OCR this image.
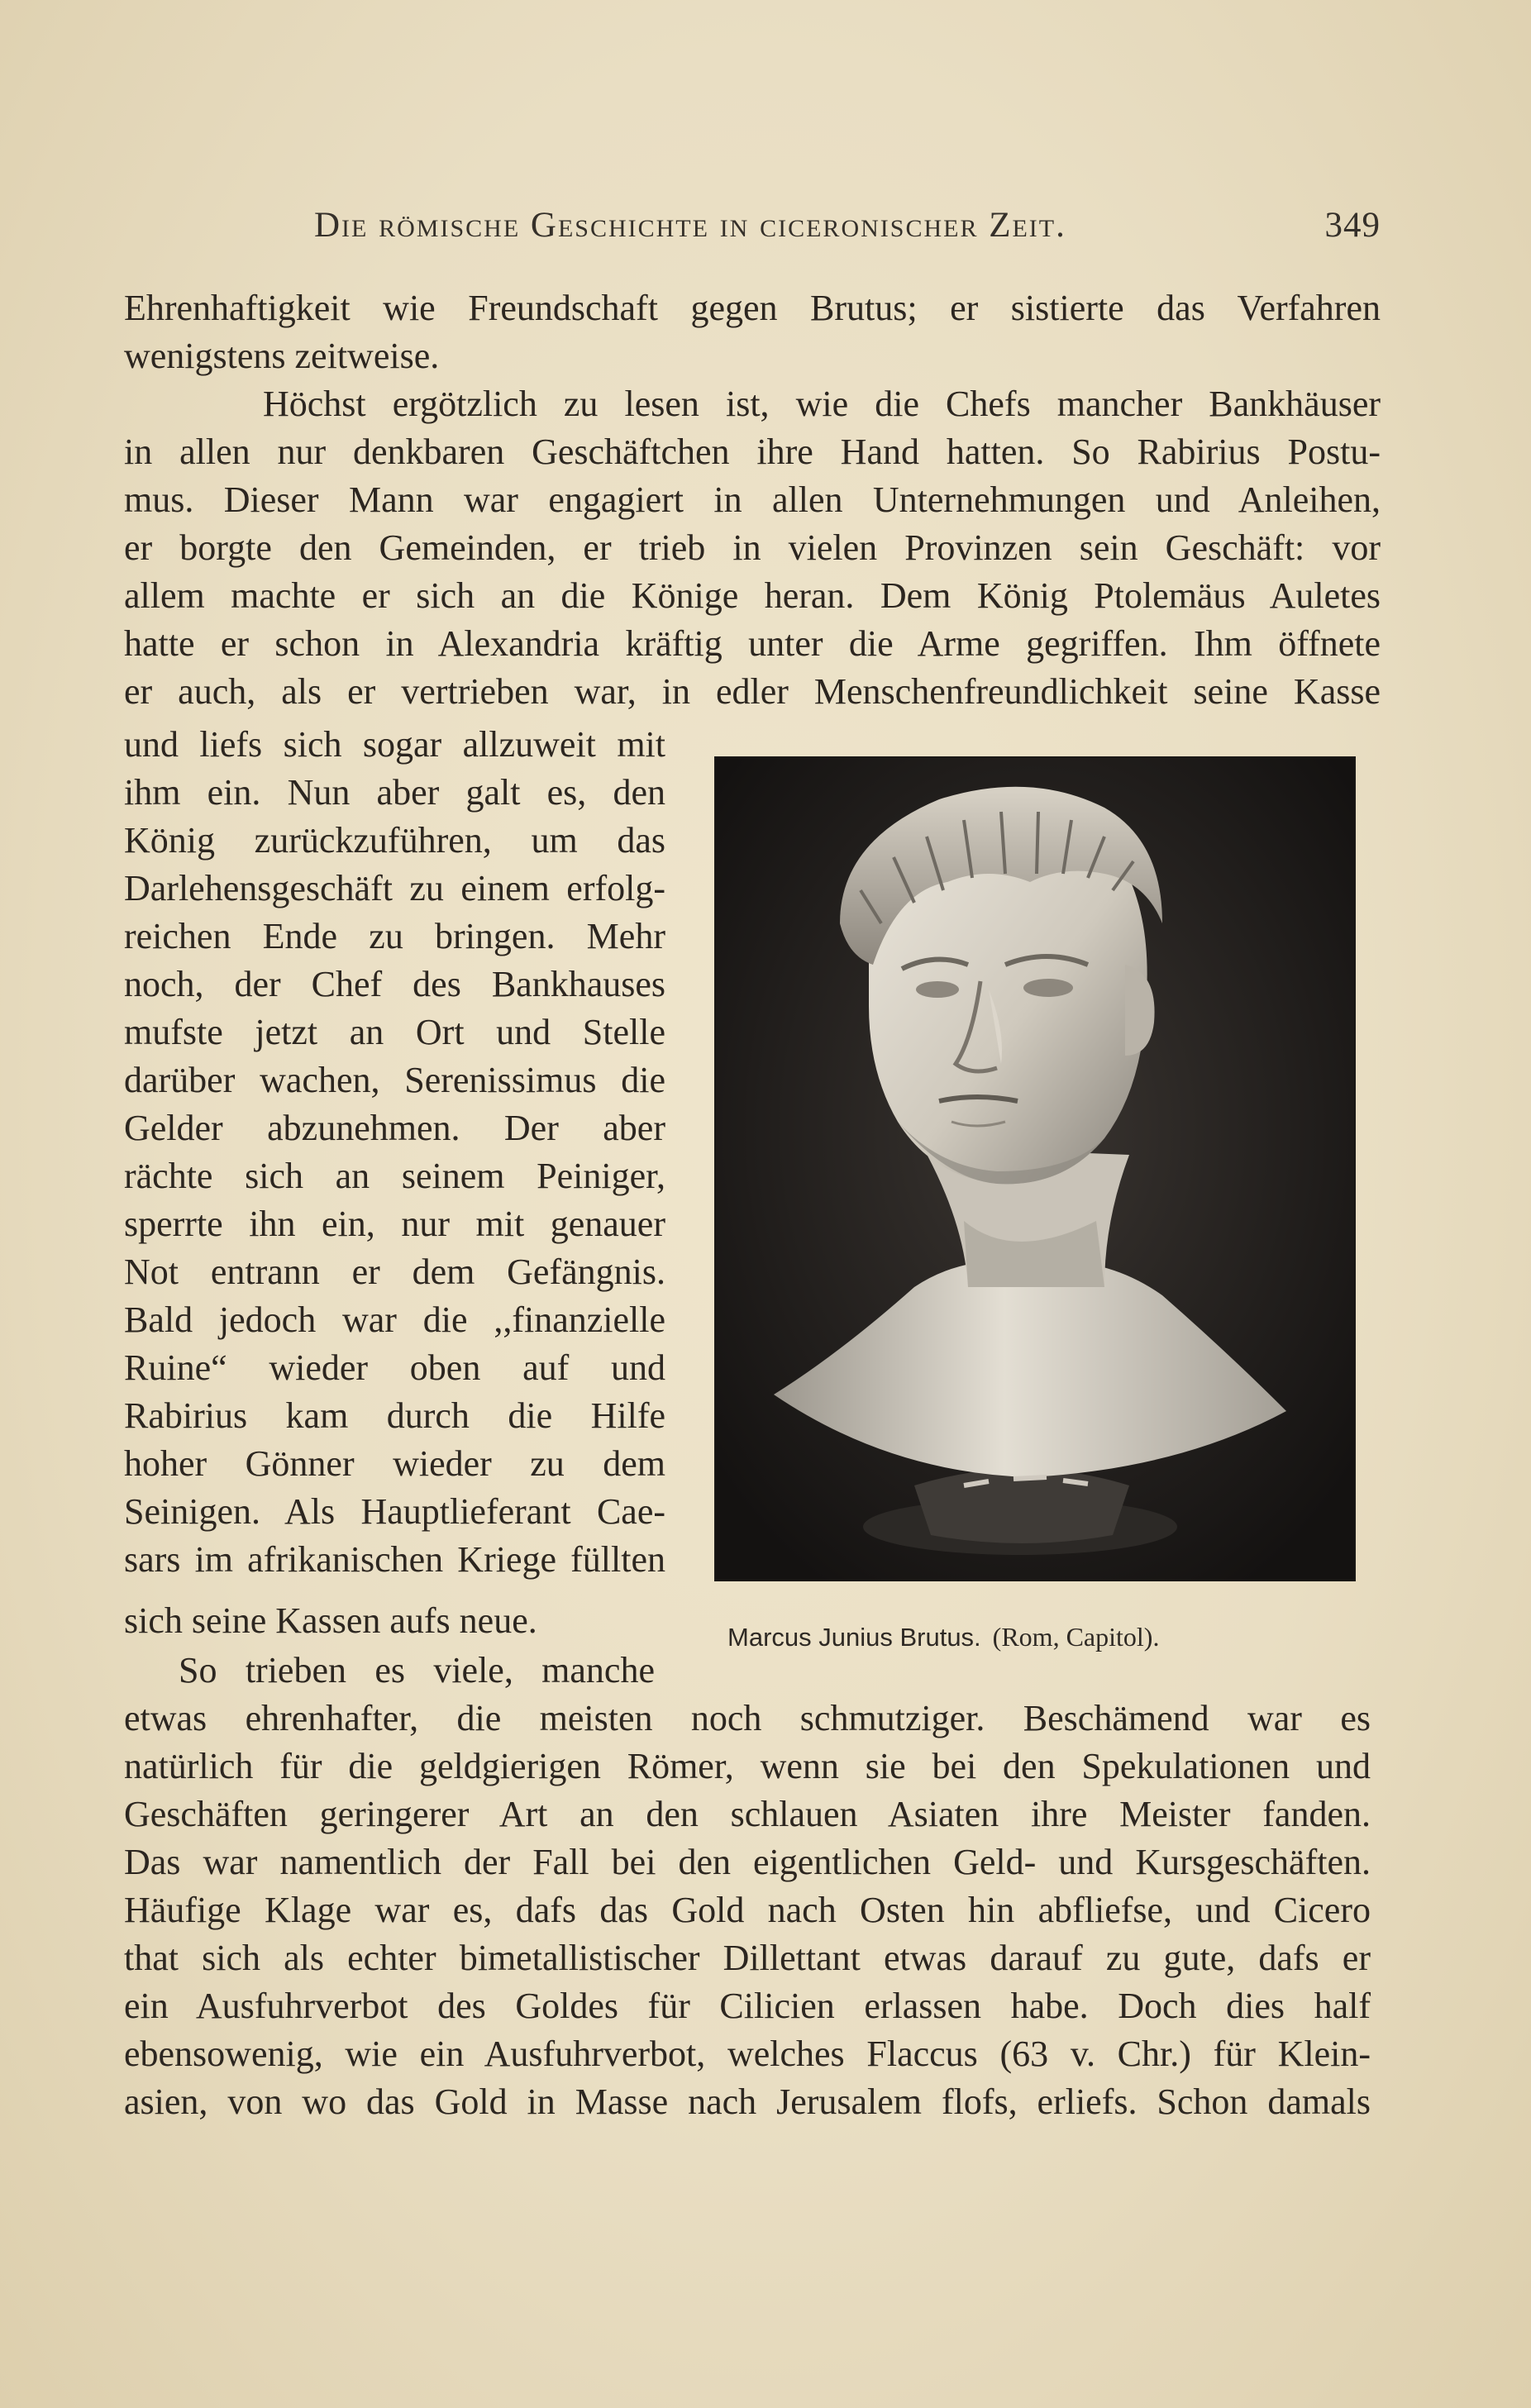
Die römische Geschichte in ciceronischer Zeit.	349
Ehrenhaftigkeit wie Freundschaft gegen Brutus; er sistierte das Verfahren
wenigstens zeitweise.
Höchst ergötzlich zu lesen ist, wie die Chefs mancher Bankhäuser
in allen nur denkbaren Geschäftchen ihre Hand hatten. So Rabirius Postu-
mus. Dieser Mann war engagiert in allen Unternehmungen und Anleihen,
er borgte den Gemeinden, er trieb in vielen Provinzen sein Geschäft: vor
allem machte er sich an die Könige heran. Dem König Ptolemäus Auletes
hatte er schon in Alexandria kräftig unter die Arme gegriffen. Ihm öffnete
er auch, als er vertrieben war, in edler Menschenfreundlichkeit seine Kasse
und liefs sich sogar allzuweit mit
ihm ein. Nun aber galt es, den
König zurückzuführen, um das
Darlehensgeschäft zu einem erfolg-
reichen Ende zu bringen. Mehr
noch, der Chef des Bankhauses
mufste jetzt an Ort und Stelle
darüber wachen, Serenissimus die
Gelder abzunehmen. Der aber
rächte sich an seinem Peiniger,
sperrte ihn ein, nur mit genauer
Not entrann er dem Gefängnis.
Bald jedoch war die ,,finanzielle
Ruine“ wieder oben auf und
Rabirius kam durch die Hilfe
hoher Gönner wieder zu dem
Seinigen. Als Hauptlieferant Cae-
sars im afrikanischen Kriege füllten
sich seine Kassen aufs neue.
So trieben es viele, manche
etwas ehrenhafter, die meisten noch schmutziger. Beschämend war es
natürlich für die geldgierigen Römer, wenn sie bei den Spekulationen und
Geschäften geringerer Art an den schlauen Asiaten ihre Meister fanden.
Das war namentlich der Fall bei den eigentlichen Geld- und Kursgeschäften.
Häufige Klage war es, dafs das Gold nach Osten hin abfliefse, und Cicero
that sich als echter bimetallistischer Dillettant etwas darauf zu gute, dafs er
ein Ausfuhrverbot des Goldes für Cilicien erlassen habe. Doch dies half
ebensowenig, wie ein Ausfuhrverbot, welches Flaccus (63 v. Chr.) für Klein-
asien, von wo das Gold in Masse nach Jerusalem flofs, erliefs. Schon damals
Marcus Junius Brutus. (Rom, Capitol).
